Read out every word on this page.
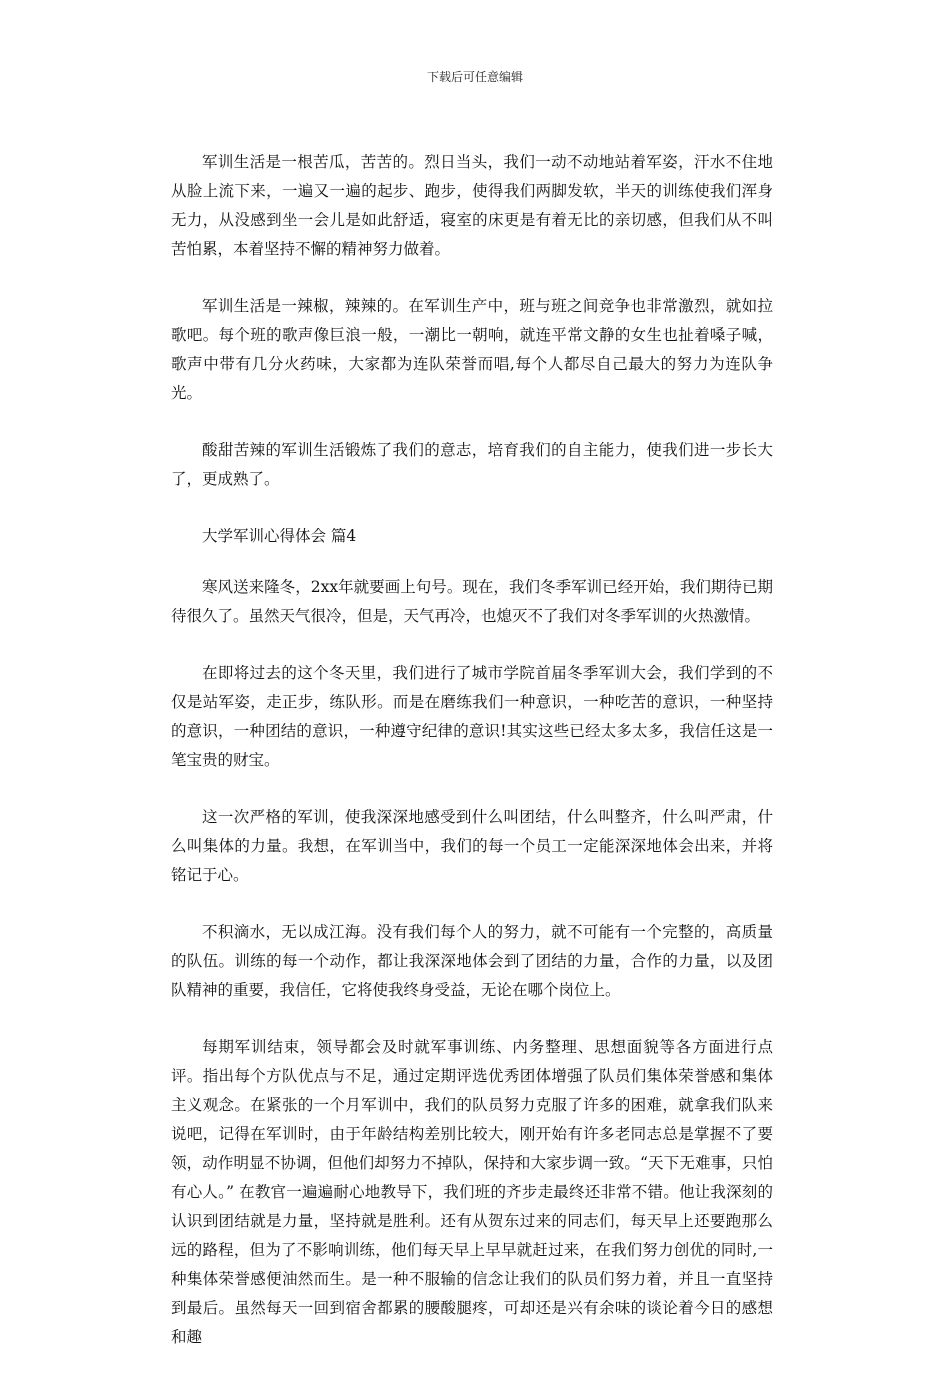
下载后可任意编辑

军训生活是一根苦瓜，苦苦的。烈日当头，我们一动不动地站着军姿，汗水不住地从脸上流下来，一遍又一遍的起步、跑步，使得我们两脚发软，半天的训练使我们浑身无力，从没感到坐一会儿是如此舒适，寝室的床更是有着无比的亲切感，但我们从不叫苦怕累，本着坚持不懈的精神努力做着。

军训生活是一辣椒，辣辣的。在军训生产中，班与班之间竞争也非常激烈，就如拉歌吧。每个班的歌声像巨浪一般，一潮比一朝响，就连平常文静的女生也扯着嗓子喊，歌声中带有几分火药味，大家都为连队荣誉而唱,每个人都尽自己最大的努力为连队争光。

酸甜苦辣的军训生活锻炼了我们的意志，培育我们的自主能力，使我们进一步长大了，更成熟了。

大学军训心得体会 篇4

寒风送来隆冬，2xx年就要画上句号。现在，我们冬季军训已经开始，我们期待已期待很久了。虽然天气很冷，但是，天气再冷，也熄灭不了我们对冬季军训的火热激情。

在即将过去的这个冬天里，我们进行了城市学院首届冬季军训大会，我们学到的不仅是站军姿，走正步，练队形。而是在磨练我们一种意识，一种吃苦的意识，一种坚持的意识，一种团结的意识，一种遵守纪律的意识!其实这些已经太多太多，我信任这是一笔宝贵的财宝。

这一次严格的军训，使我深深地感受到什么叫团结，什么叫整齐，什么叫严肃，什么叫集体的力量。我想，在军训当中，我们的每一个员工一定能深深地体会出来，并将铭记于心。

不积滴水，无以成江海。没有我们每个人的努力，就不可能有一个完整的，高质量的队伍。训练的每一个动作，都让我深深地体会到了团结的力量，合作的力量，以及团队精神的重要，我信任，它将使我终身受益，无论在哪个岗位上。

每期军训结束，领导都会及时就军事训练、内务整理、思想面貌等各方面进行点评。指出每个方队优点与不足，通过定期评选优秀团体增强了队员们集体荣誉感和集体主义观念。在紧张的一个月军训中，我们的队员努力克服了许多的困难，就拿我们队来说吧，记得在军训时，由于年龄结构差别比较大，刚开始有许多老同志总是掌握不了要领，动作明显不协调，但他们却努力不掉队，保持和大家步调一致。“天下无难事，只怕有心人。” 在教官一遍遍耐心地教导下，我们班的齐步走最终还非常不错。他让我深刻的认识到团结就是力量，坚持就是胜利。还有从贺东过来的同志们，每天早上还要跑那么远的路程，但为了不影响训练，他们每天早上早早就赶过来，在我们努力创优的同时,一种集体荣誉感便油然而生。是一种不服输的信念让我们的队员们努力着，并且一直坚持到最后。虽然每天一回到宿舍都累的腰酸腿疼，可却还是兴有余味的谈论着今日的感想和趣
